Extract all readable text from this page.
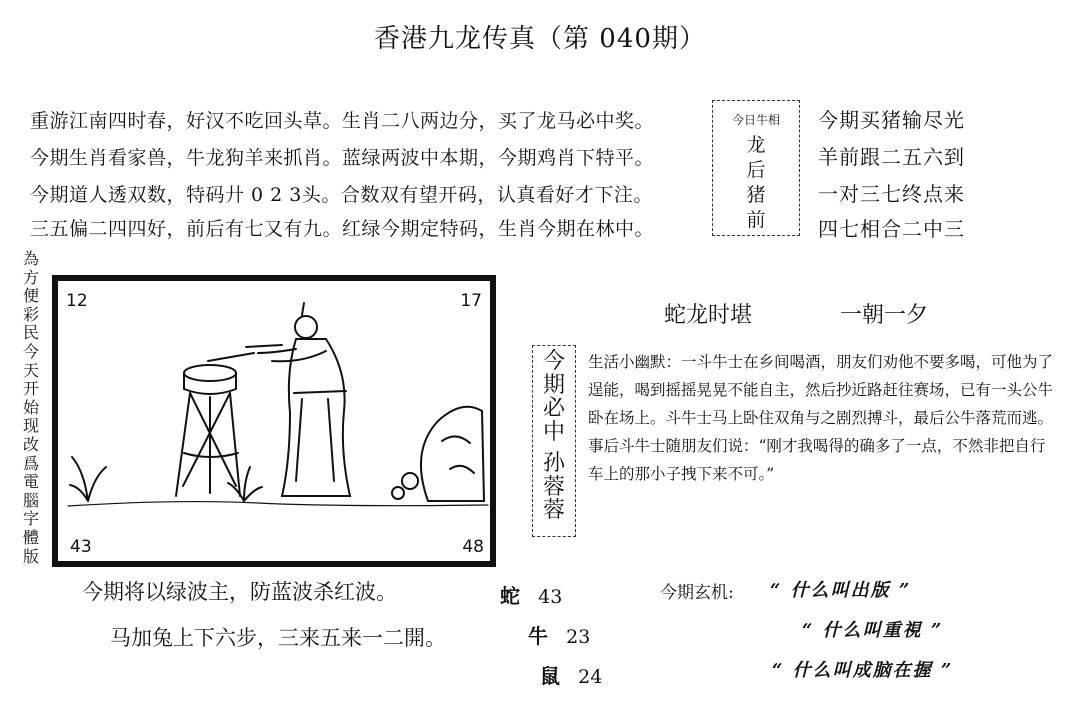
香港九龙传真（第 040期）
重游江南四时春，好汉不吃回头草。生肖二八两边分，买了龙马必中奖。
今期生肖看家兽，牛龙狗羊来抓肖。蓝绿两波中本期，今期鸡肖下特平。
今期道人透双数，特码廾 0 2 3头。合数双有望开码，认真看好才下注。
三五偏二四四好，前后有七又有九。红绿今期定特码，生肖今期在林中。
今日牛相
龙
后
猪
前
今期买猪输尽光
羊前跟二五六到
一对三七终点来
四七相合二中三
為方便彩民今天开始现改爲電腦字體版
12	17
43	48
蛇龙时堪	一朝一夕
今
期
必
中
孙
蓉
蓉
生活小幽默：一斗牛士在乡间喝酒，朋友们劝他不要多喝，可他为了逞能，喝到摇摇晃晃不能自主，然后抄近路赶往赛场，已有一头公牛卧在场上。斗牛士马上卧住双角与之剧烈搏斗，最后公牛落荒而逃。事后斗牛士随朋友们说：“刚才我喝得的确多了一点，不然非把自行车上的那小子拽下来不可。”
今期将以绿波主，防蓝波杀红波。
马加兔上下六步，三来五来一二開。
蛇 43
牛 23
鼠 24
今期玄机: “ 什么叫出版 ”
“ 什么叫重視 ”
“ 什么叫成脑在握 ”
